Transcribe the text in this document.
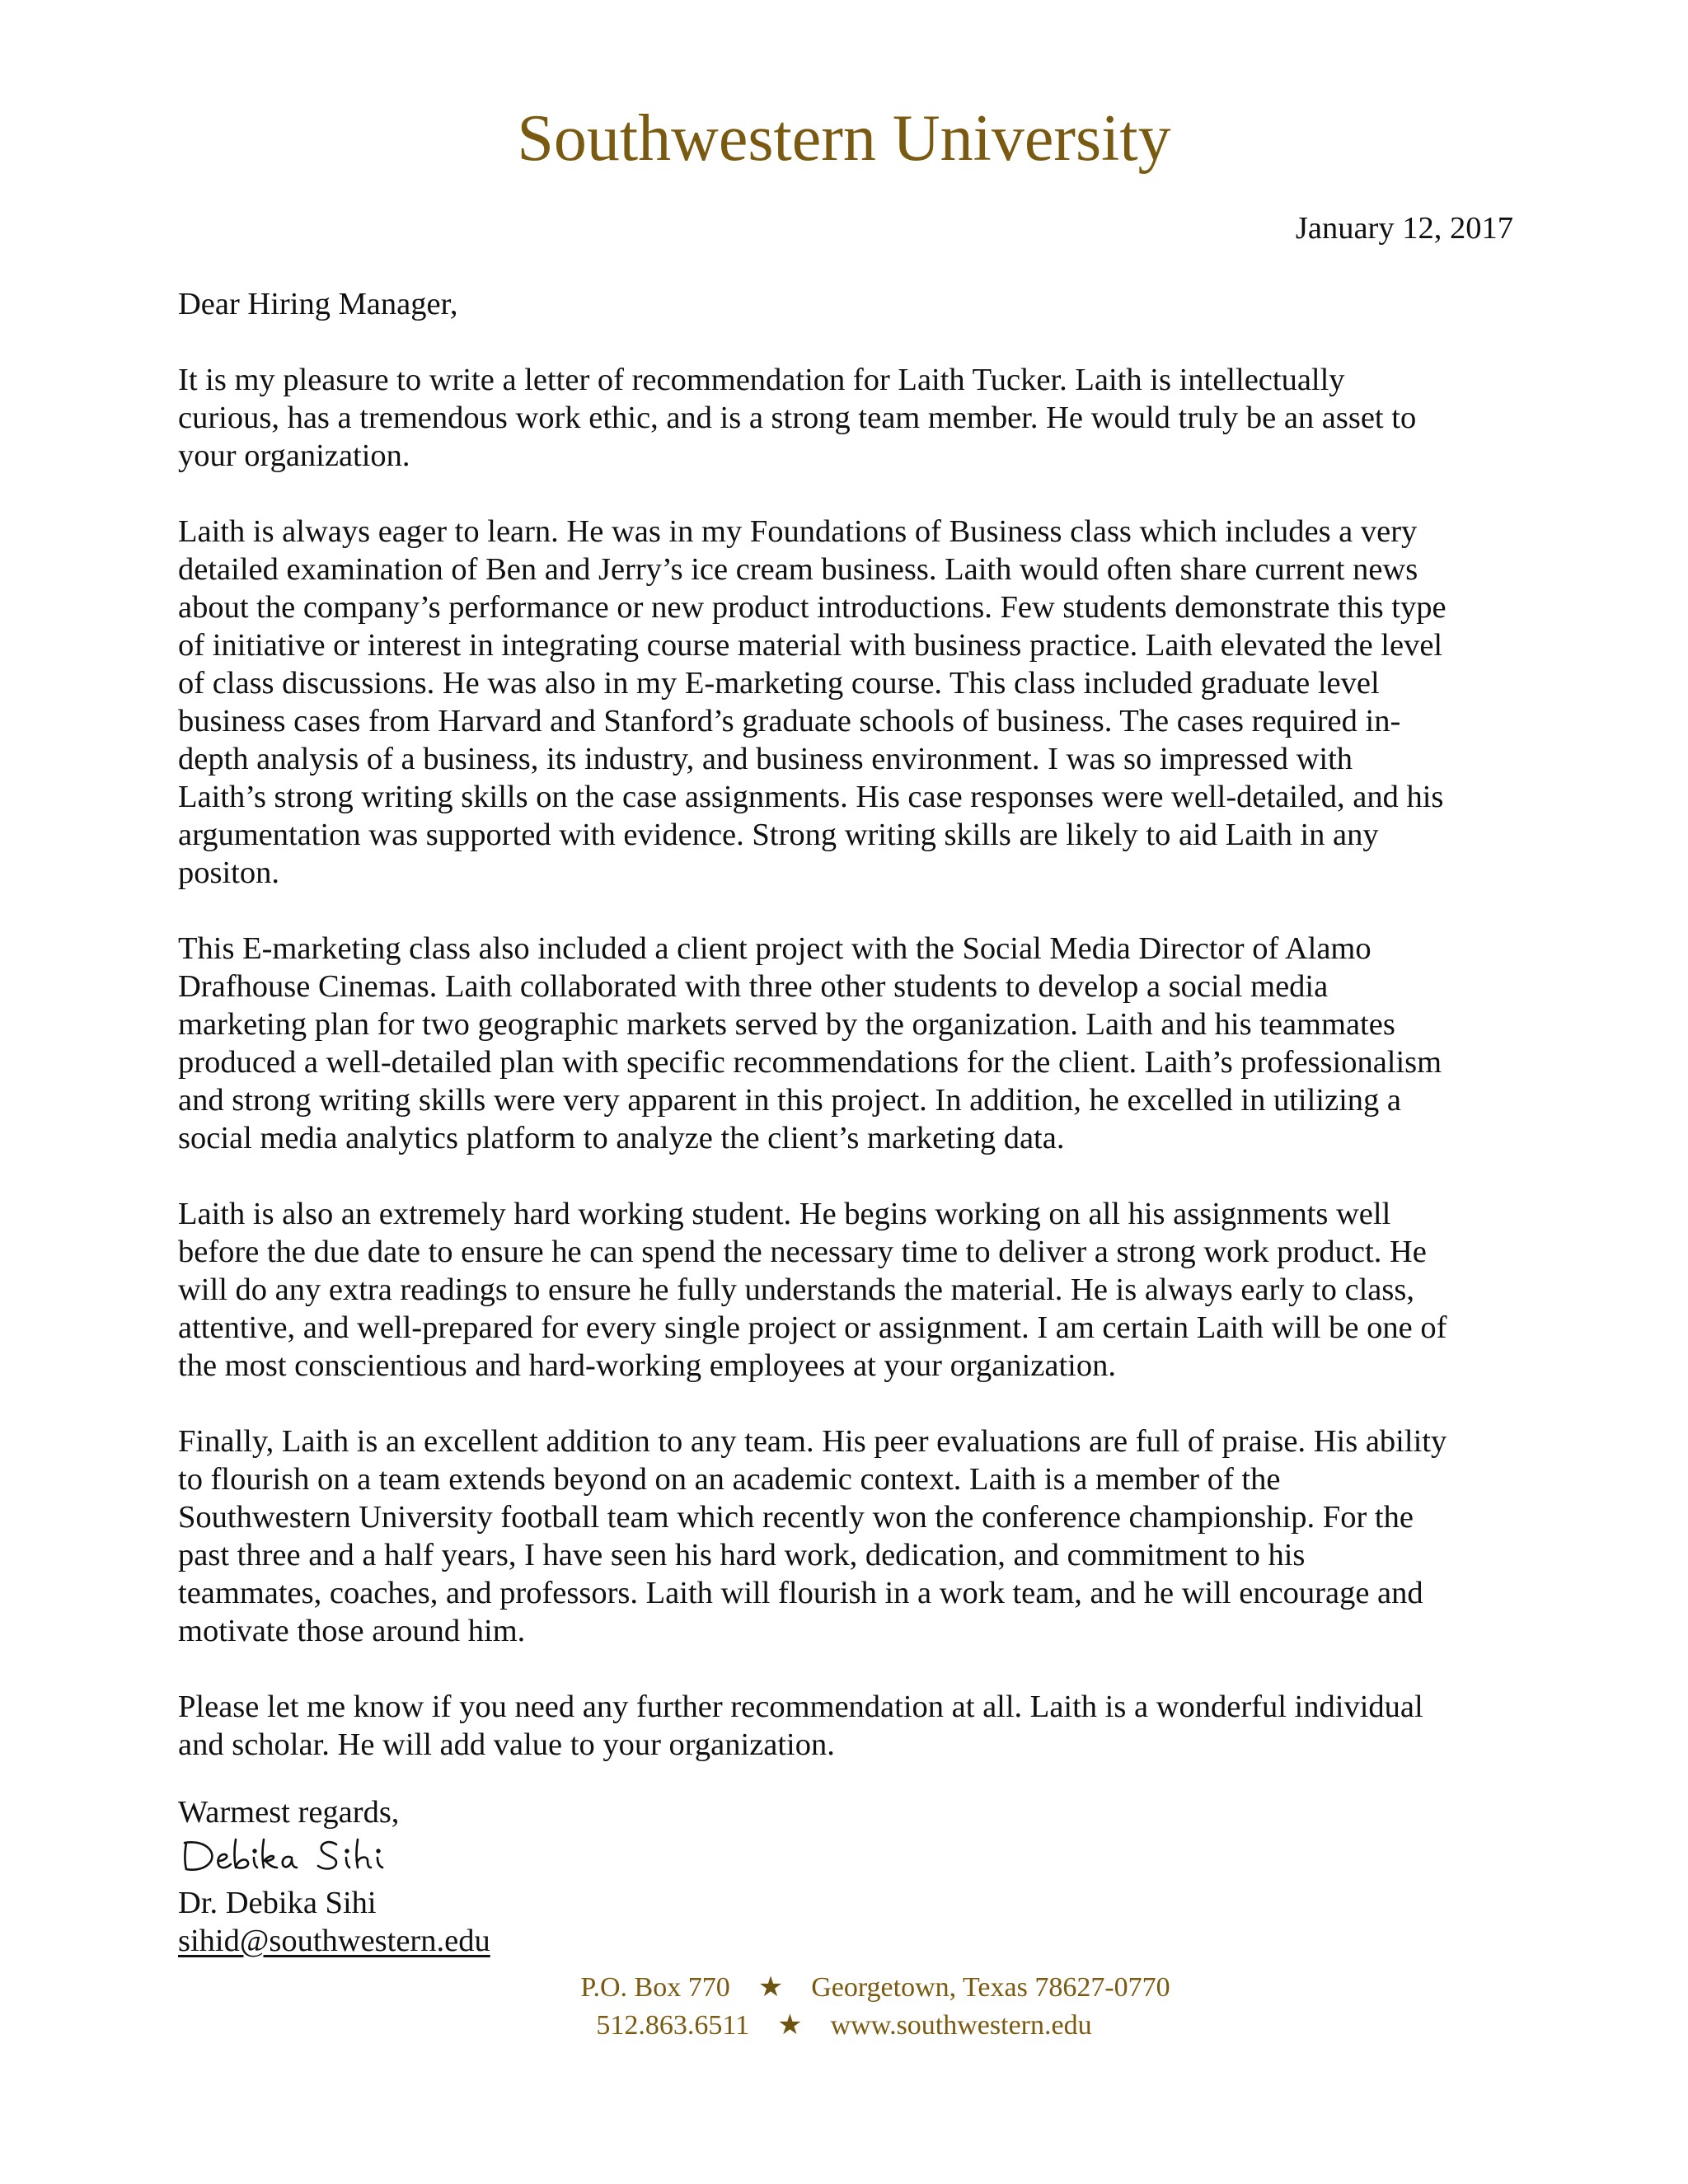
Southwestern University
January 12, 2017

Dear Hiring Manager,

It is my pleasure to write a letter of recommendation for Laith Tucker. Laith is intellectually
curious, has a tremendous work ethic, and is a strong team member. He would truly be an asset to
your organization.

Laith is always eager to learn. He was in my Foundations of Business class which includes a very
detailed examination of Ben and Jerry’s ice cream business. Laith would often share current news
about the company’s performance or new product introductions. Few students demonstrate this type
of initiative or interest in integrating course material with business practice. Laith elevated the level
of class discussions. He was also in my E-marketing course. This class included graduate level
business cases from Harvard and Stanford’s graduate schools of business. The cases required in-
depth analysis of a business, its industry, and business environment. I was so impressed with
Laith’s strong writing skills on the case assignments. His case responses were well-detailed, and his
argumentation was supported with evidence. Strong writing skills are likely to aid Laith in any
positon.

This E-marketing class also included a client project with the Social Media Director of Alamo
Drafhouse Cinemas. Laith collaborated with three other students to develop a social media
marketing plan for two geographic markets served by the organization. Laith and his teammates
produced a well-detailed plan with specific recommendations for the client. Laith’s professionalism
and strong writing skills were very apparent in this project. In addition, he excelled in utilizing a
social media analytics platform to analyze the client’s marketing data.

Laith is also an extremely hard working student. He begins working on all his assignments well
before the due date to ensure he can spend the necessary time to deliver a strong work product. He
will do any extra readings to ensure he fully understands the material. He is always early to class,
attentive, and well-prepared for every single project or assignment. I am certain Laith will be one of
the most conscientious and hard-working employees at your organization.

Finally, Laith is an excellent addition to any team. His peer evaluations are full of praise. His ability
to flourish on a team extends beyond on an academic context. Laith is a member of the
Southwestern University football team which recently won the conference championship. For the
past three and a half years, I have seen his hard work, dedication, and commitment to his
teammates, coaches, and professors. Laith will flourish in a work team, and he will encourage and
motivate those around him.

Please let me know if you need any further recommendation at all. Laith is a wonderful individual
and scholar. He will add value to your organization.

Warmest regards,
Dr. Debika Sihi
sihid@southwestern.edu
P.O. Box 770 ★ Georgetown, Texas 78627-0770
512.863.6511 ★ www.southwestern.edu
